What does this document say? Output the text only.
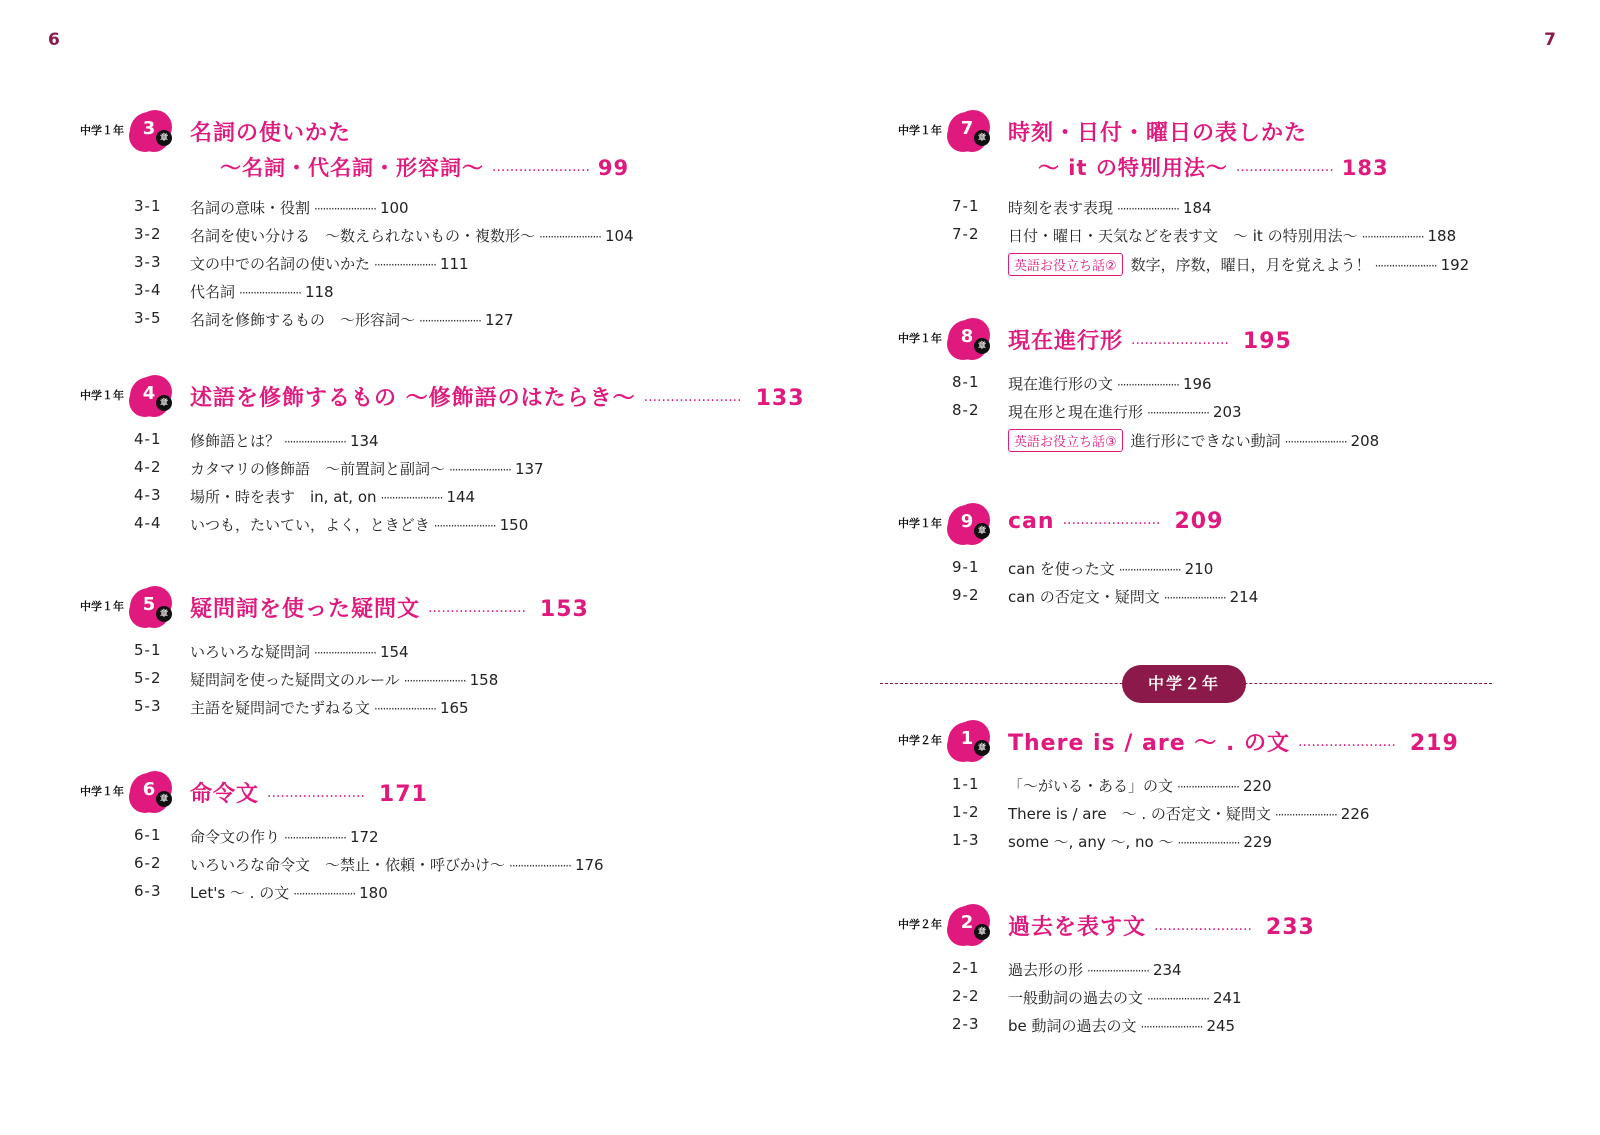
6	7
中学１年	3 章 名詞の使いかた
〜名詞・代名詞・形容詞〜 ······················ 99
3-1 名詞の意味・役割 ······················ 100
3-2 名詞を使い分ける　〜数えられないもの・複数形〜 ······················ 104
3-3 文の中での名詞の使いかた ······················ 111
3-4 代名詞 ······················ 118
3-5 名詞を修飾するもの　〜形容詞〜 ······················ 127
中学１年	4 章 述語を修飾するもの 〜修飾語のはたらき〜 ······················ 133
4-1 修飾語とは？ ······················ 134
4-2 カタマリの修飾語　〜前置詞と副詞〜 ······················ 137
4-3 場所・時を表す　in, at, on ······················ 144
4-4 いつも，たいてい，よく，ときどき ······················ 150
中学１年	5 章 疑問詞を使った疑問文 ······················ 153
5-1 いろいろな疑問詞 ······················ 154
5-2 疑問詞を使った疑問文のルール ······················ 158
5-3 主語を疑問詞でたずねる文 ······················ 165
中学１年	6 章 命令文 ······················ 171
6-1 命令文の作り ······················ 172
6-2 いろいろな命令文　〜禁止・依頼・呼びかけ〜 ······················ 176
6-3 Let's 〜 . の文 ······················ 180
中学１年	7 章 時刻・日付・曜日の表しかた
〜 it の特別用法〜 ······················ 183
7-1 時刻を表す表現 ······················ 184
7-2 日付・曜日・天気などを表す文　〜 it の特別用法〜 ······················ 188
英語お役立ち話② 数字，序数，曜日，月を覚えよう！ ······················ 192
中学１年	8 章 現在進行形 ······················ 195
8-1 現在進行形の文 ······················ 196
8-2 現在形と現在進行形 ······················ 203
英語お役立ち話③ 進行形にできない動詞 ······················ 208
中学１年	9 章 can ······················ 209
9-1 can を使った文 ······················ 210
9-2 can の否定文・疑問文 ······················ 214
中学２年	1 章 There is / are 〜 . の文 ······················ 219
1-1 「〜がいる・ある」の文 ······················ 220
1-2 There is / are　〜 . の否定文・疑問文 ······················ 226
1-3 some 〜, any 〜, no 〜 ······················ 229
中学２年	2 章 過去を表す文 ······················ 233
2-1 過去形の形 ······················ 234
2-2 一般動詞の過去の文 ······················ 241
2-3 be 動詞の過去の文 ······················ 245
中学２年
